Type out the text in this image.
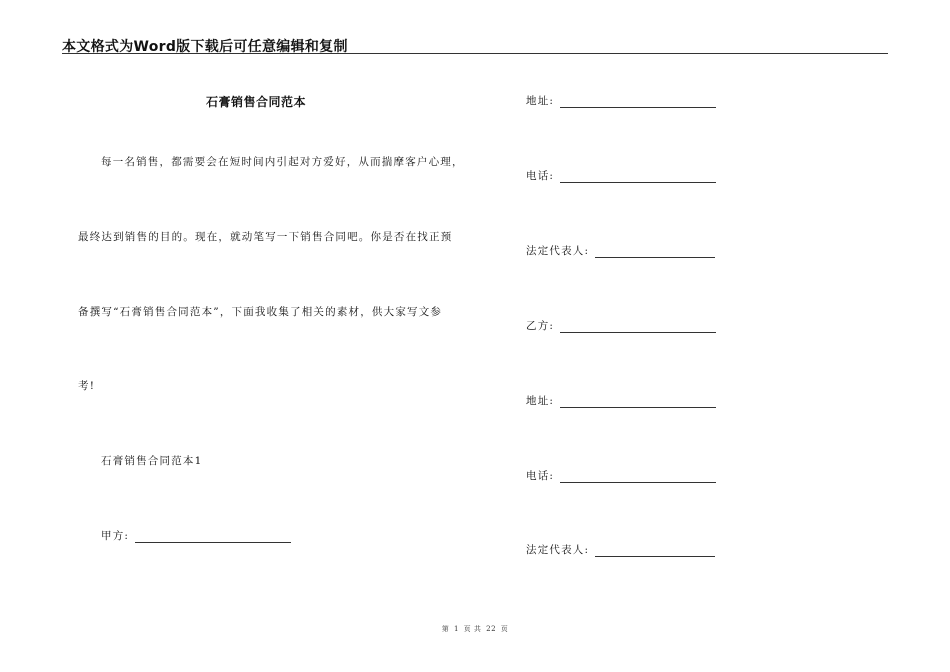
本文格式为Word版下载后可任意编辑和复制
石膏销售合同范本
每一名销售，都需要会在短时间内引起对方爱好，从而揣摩客户心理，
最终达到销售的目的。现在，就动笔写一下销售合同吧。你是否在找正预
备撰写“石膏销售合同范本”，下面我收集了相关的素材，供大家写文参
考!
石膏销售合同范本1
甲方:
地址:
电话:
法定代表人:
乙方:
地址:
电话:
法定代表人:
第 1 页 共 22 页
